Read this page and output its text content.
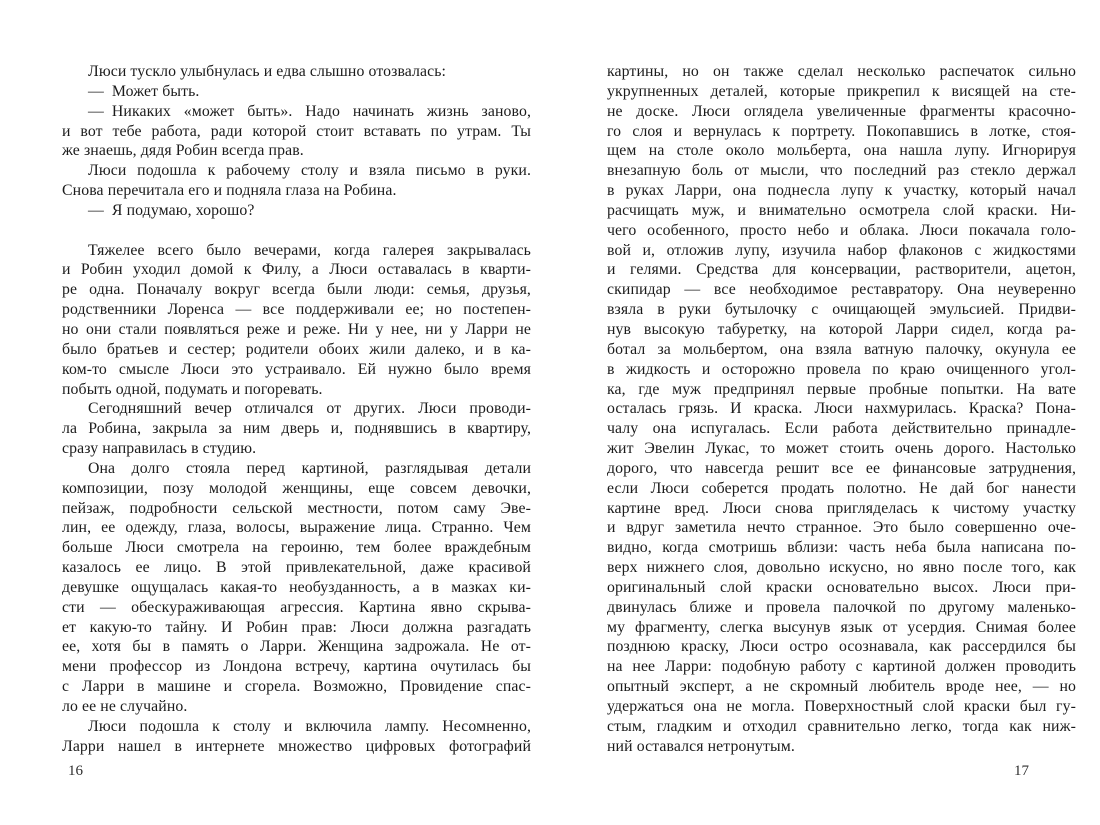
Люси тускло улыбнулась и едва слышно отозвалась:
— Может быть.
— Никаких «может быть». Надо начинать жизнь заново,
и вот тебе работа, ради которой стоит вставать по утрам. Ты
же знаешь, дядя Робин всегда прав.
Люси подошла к рабочему столу и взяла письмо в руки.
Снова перечитала его и подняла глаза на Робина.
— Я подумаю, хорошо?
Тяжелее всего было вечерами, когда галерея закрывалась
и Робин уходил домой к Филу, а Люси оставалась в кварти-
ре одна. Поначалу вокруг всегда были люди: семья, друзья,
родственники Лоренса — все поддерживали ее; но постепен-
но они стали появляться реже и реже. Ни у нее, ни у Ларри не
было братьев и сестер; родители обоих жили далеко, и в ка-
ком-то смысле Люси это устраивало. Ей нужно было время
побыть одной, подумать и погоревать.
Сегодняшний вечер отличался от других. Люси проводи-
ла Робина, закрыла за ним дверь и, поднявшись в квартиру,
сразу направилась в студию.
Она долго стояла перед картиной, разглядывая детали
композиции, позу молодой женщины, еще совсем девочки,
пейзаж, подробности сельской местности, потом саму Эве-
лин, ее одежду, глаза, волосы, выражение лица. Странно. Чем
больше Люси смотрела на героиню, тем более враждебным
казалось ее лицо. В этой привлекательной, даже красивой
девушке ощущалась какая-то необузданность, а в мазках ки-
сти — обескураживающая агрессия. Картина явно скрыва-
ет какую-то тайну. И Робин прав: Люси должна разгадать
ее, хотя бы в память о Ларри. Женщина задрожала. Не от-
мени профессор из Лондона встречу, картина очутилась бы
с Ларри в машине и сгорела. Возможно, Провидение спас-
ло ее не случайно.
Люси подошла к столу и включила лампу. Несомненно,
Ларри нашел в интернете множество цифровых фотографий
картины, но он также сделал несколько распечаток сильно
укрупненных деталей, которые прикрепил к висящей на сте-
не доске. Люси оглядела увеличенные фрагменты красочно-
го слоя и вернулась к портрету. Покопавшись в лотке, стоя-
щем на столе около мольберта, она нашла лупу. Игнорируя
внезапную боль от мысли, что последний раз стекло держал
в руках Ларри, она поднесла лупу к участку, который начал
расчищать муж, и внимательно осмотрела слой краски. Ни-
чего особенного, просто небо и облака. Люси покачала голо-
вой и, отложив лупу, изучила набор флаконов с жидкостями
и гелями. Средства для консервации, растворители, ацетон,
скипидар — все необходимое реставратору. Она неуверенно
взяла в руки бутылочку с очищающей эмульсией. Придви-
нув высокую табуретку, на которой Ларри сидел, когда ра-
ботал за мольбертом, она взяла ватную палочку, окунула ее
в жидкость и осторожно провела по краю очищенного угол-
ка, где муж предпринял первые пробные попытки. На вате
осталась грязь. И краска. Люси нахмурилась. Краска? Пона-
чалу она испугалась. Если работа действительно принадле-
жит Эвелин Лукас, то может стоить очень дорого. Настолько
дорого, что навсегда решит все ее финансовые затруднения,
если Люси соберется продать полотно. Не дай бог нанести
картине вред. Люси снова пригляделась к чистому участку
и вдруг заметила нечто странное. Это было совершенно оче-
видно, когда смотришь вблизи: часть неба была написана по-
верх нижнего слоя, довольно искусно, но явно после того, как
оригинальный слой краски основательно высох. Люси при-
двинулась ближе и провела палочкой по другому маленько-
му фрагменту, слегка высунув язык от усердия. Снимая более
позднюю краску, Люси остро осознавала, как рассердился бы
на нее Ларри: подобную работу с картиной должен проводить
опытный эксперт, а не скромный любитель вроде нее, — но
удержаться она не могла. Поверхностный слой краски был гу-
стым, гладким и отходил сравнительно легко, тогда как ниж-
ний оставался нетронутым.
16	17
